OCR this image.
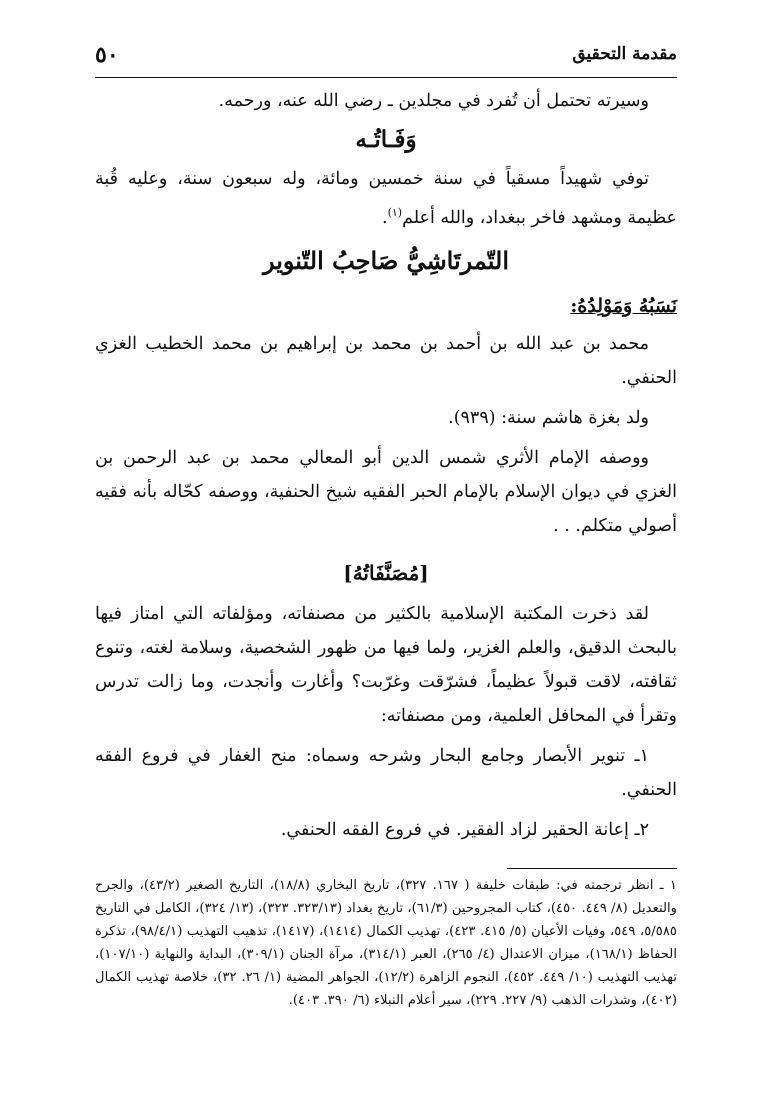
٥٠	مقدمة التحقيق

وسيرته تحتمل أن تُفرد في مجلدين ـ رضي الله عنه، ورحمه.

وَفَـاتُـه

توفي شهيداً مسقياً في سنة خمسين ومائة، وله سبعون سنة، وعليه قُبة عظيمة ومشهد فاخر ببغداد، والله أعلم$^{(١)}$.

التّمرتَاشِيُّ صَاحِبُ التّنوير

نَسَبُهُ وَمَوْلِدُهُ:

محمد بن عبد الله بن أحمد بن محمد بن إبراهيم بن محمد الخطيب الغزي الحنفي.

ولد بغزة هاشم سنة: (٩٣٩).

ووصفه الإمام الأثري شمس الدين أبو المعالي محمد بن عبد الرحمن بن الغزي في ديوان الإسلام بالإمام الحبر الفقيه شيخ الحنفية، ووصفه كحّاله بأنه فقيه أصولي متكلم. . .

[مُصَنَّفَاتُهُ]

لقد ذخرت المكتبة الإسلامية بالكثير من مصنفاته، ومؤلفاته التي امتاز فيها بالبحث الدقيق، والعلم الغزير، ولما فيها من ظهور الشخصية، وسلامة لغته، وتنوع ثقافته، لاقت قبولاً عظيماً، فشرّقت وغرّبت؟ وأغارت وأنجدت، وما زالت تدرس وتقرأ في المحافل العلمية، ومن مصنفاته:

١ـ تنوير الأبصار وجامع البحار وشرحه وسماه: منح الغفار في فروع الفقه الحنفي.

٢ـ إعانة الحقير لزاد الفقير. في فروع الفقه الحنفي.

١ ـ انظر ترجمته في: طبقات خليفة ( ١٦٧. ٣٢٧)، تاريخ البخاري (١٨/٨)، التاريخ الصغير (٤٣/٢)، والجرح والتعديل (٨/ ٤٤٩. ٤٥٠)، كتاب المجروحين (٦١/٣)، تاريخ بغداد (٣٢٣/١٣. ٣٢٣)، (١٣/ ٣٢٤)، الكامل في التاريخ ٥/٥٨٥، ٥٤٩، وفيات الأعيان (٥/ ٤١٥. ٤٢٣)، تهذيب الكمال (١٤١٤)، (١٤١٧)، تذهيب التهذيب (٩٨/٤/١)، تذكرة الحفاظ (١٦٨/١)، ميزان الاعتدال (٤/ ٢٦٥)، العبر (٣١٤/١)، مرآة الجنان (٣٠٩/١)، البداية والنهاية (١٠٧/١٠)، تهذيب التهذيب (١٠/ ٤٤٩. ٤٥٢)، النجوم الزاهرة (١٢/٢)، الجواهر المضية (١/ ٢٦. ٣٢)، خلاصة تهذيب الكمال (٤٠٢)، وشذرات الذهب (٩/ ٢٢٧. ٢٢٩)، سير أعلام النبلاء (٦/ ٣٩٠. ٤٠٣).
